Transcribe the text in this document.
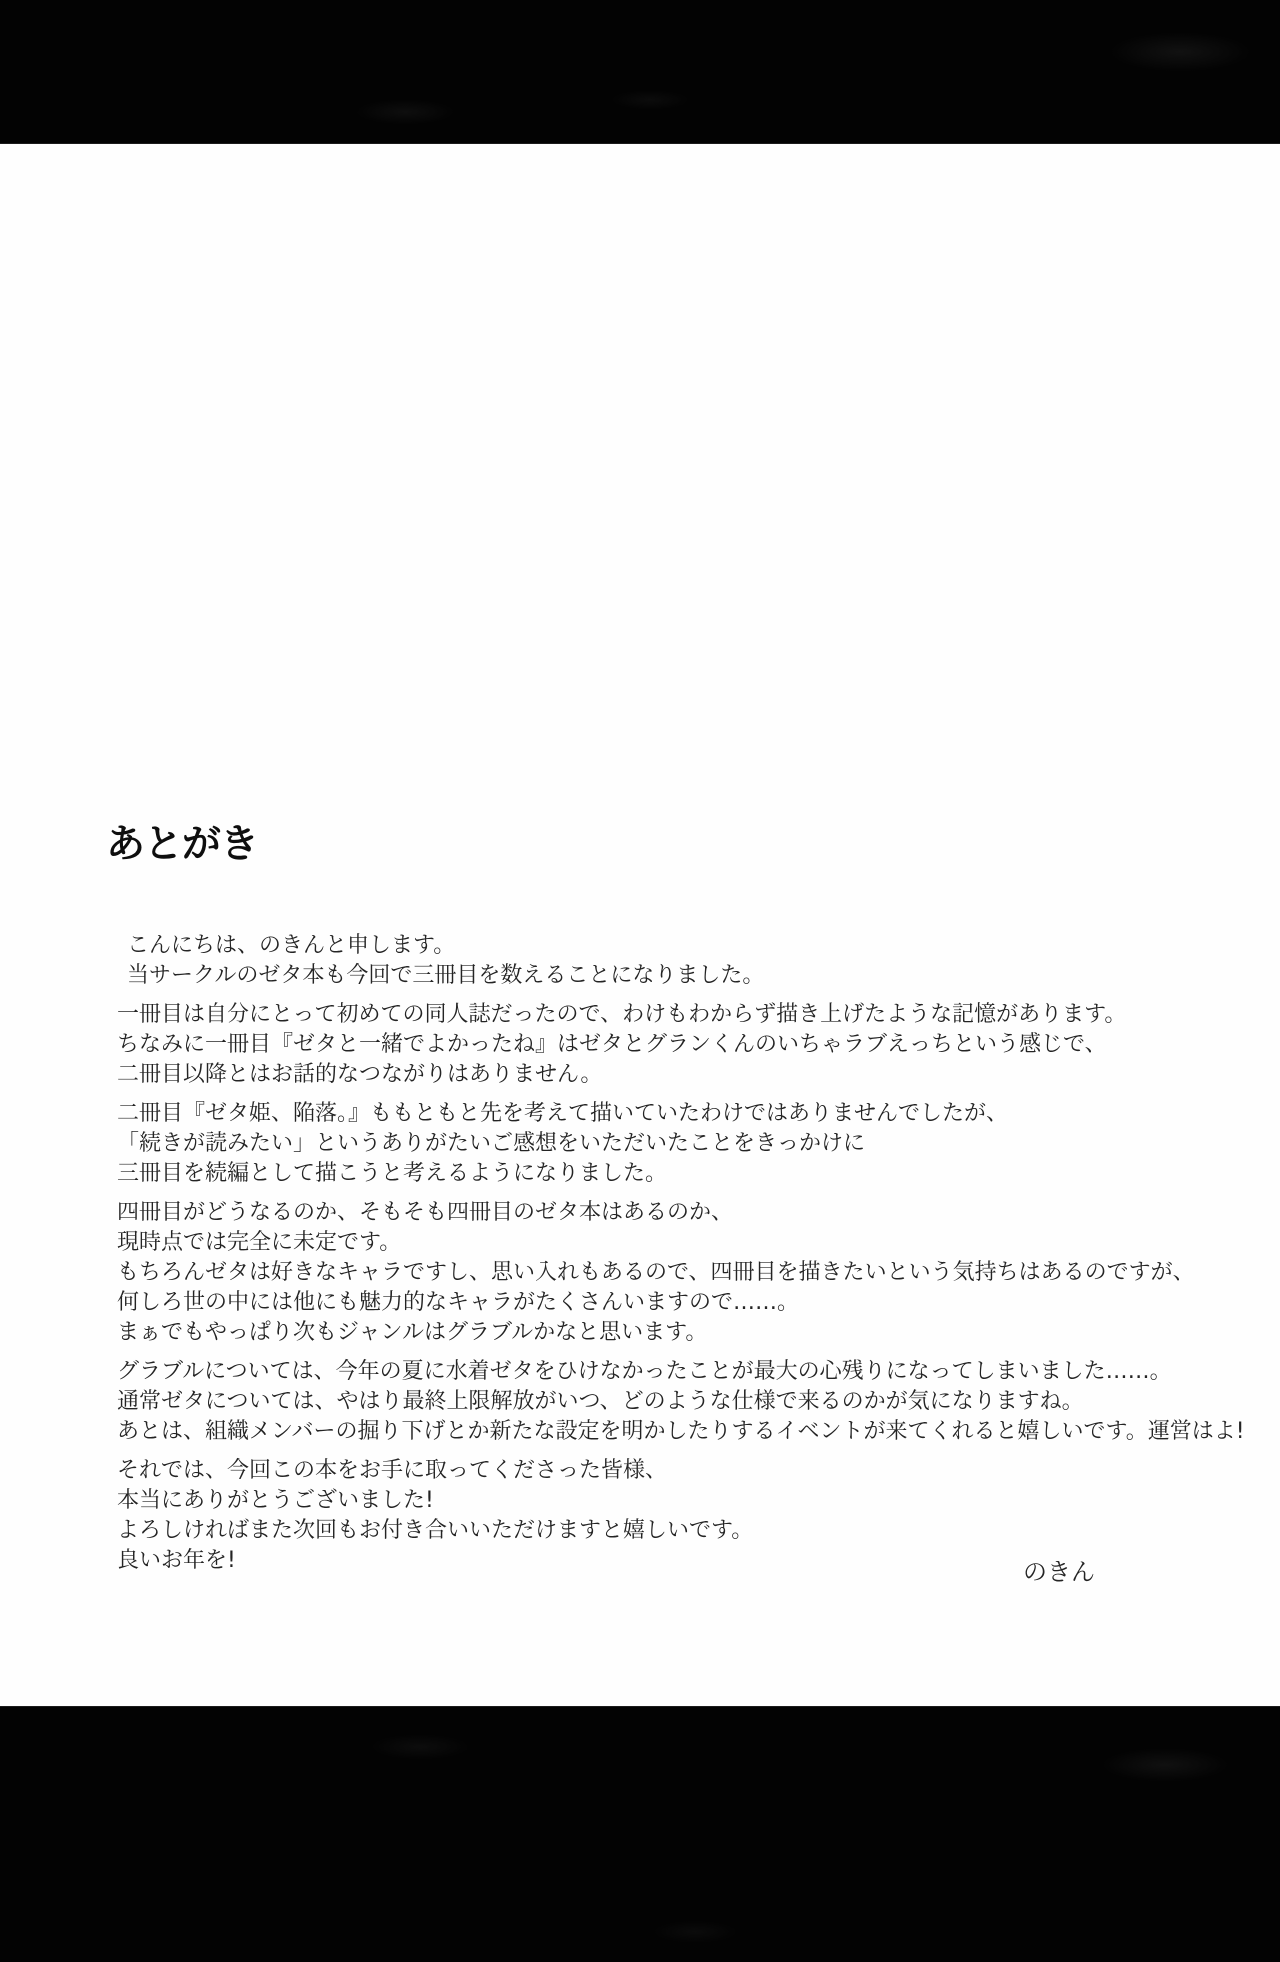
あとがき

こんにちは、のきんと申します。
当サークルのゼタ本も今回で三冊目を数えることになりました。

一冊目は自分にとって初めての同人誌だったので、わけもわからず描き上げたような記憶があります。
ちなみに一冊目『ゼタと一緒でよかったね』はゼタとグランくんのいちゃラブえっちという感じで、
二冊目以降とはお話的なつながりはありません。

二冊目『ゼタ姫、陥落。』ももともと先を考えて描いていたわけではありませんでしたが、
「続きが読みたい」というありがたいご感想をいただいたことをきっかけに
三冊目を続編として描こうと考えるようになりました。

四冊目がどうなるのか、そもそも四冊目のゼタ本はあるのか、
現時点では完全に未定です。
もちろんゼタは好きなキャラですし、思い入れもあるので、四冊目を描きたいという気持ちはあるのですが、
何しろ世の中には他にも魅力的なキャラがたくさんいますので……。
まぁでもやっぱり次もジャンルはグラブルかなと思います。

グラブルについては、今年の夏に水着ゼタをひけなかったことが最大の心残りになってしまいました……。
通常ゼタについては、やはり最終上限解放がいつ、どのような仕様で来るのかが気になりますね。
あとは、組織メンバーの掘り下げとか新たな設定を明かしたりするイベントが来てくれると嬉しいです。運営はよ!

それでは、今回この本をお手に取ってくださった皆様、
本当にありがとうございました!
よろしければまた次回もお付き合いいただけますと嬉しいです。
良いお年を!	のきん
